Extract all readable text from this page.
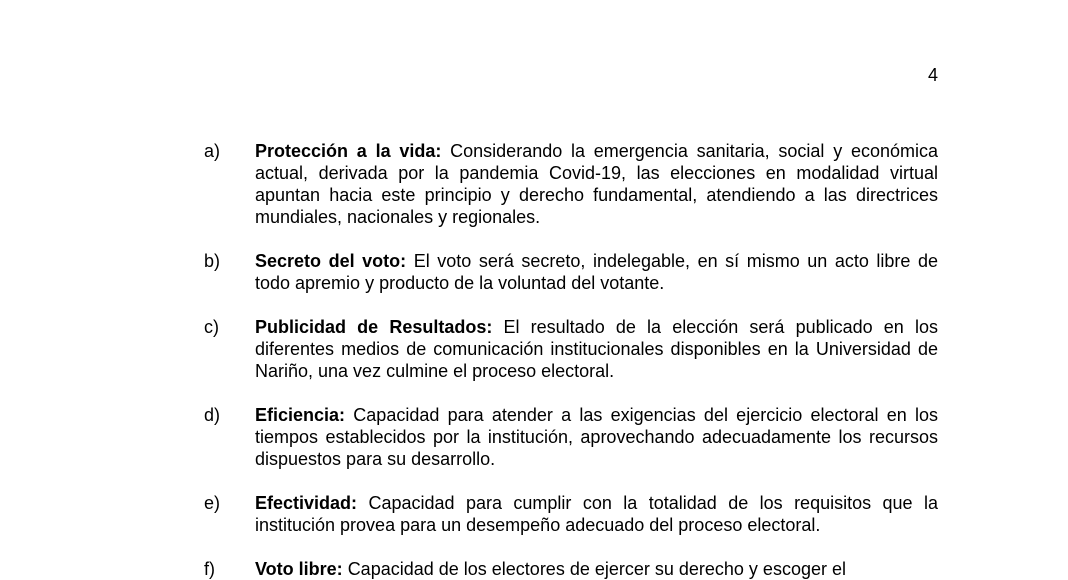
4
a)	Protección a la vida: Considerando la emergencia sanitaria, social y económica actual, derivada por la pandemia Covid-19, las elecciones en modalidad virtual apuntan hacia este principio y derecho fundamental, atendiendo a las directrices mundiales, nacionales y regionales.
b)	Secreto del voto: El voto será secreto, indelegable, en sí mismo un acto libre de todo apremio y producto de la voluntad del votante.
c)	Publicidad de Resultados: El resultado de la elección será publicado en los diferentes medios de comunicación institucionales disponibles en la Universidad de Nariño, una vez culmine el proceso electoral.
d)	Eficiencia: Capacidad para atender a las exigencias del ejercicio electoral en los tiempos establecidos por la institución, aprovechando adecuadamente los recursos dispuestos para su desarrollo.
e)	Efectividad: Capacidad para cumplir con la totalidad de los requisitos que la institución provea para un desempeño adecuado del proceso electoral.
f)	Voto libre: Capacidad de los electores de ejercer su derecho y escoger el
